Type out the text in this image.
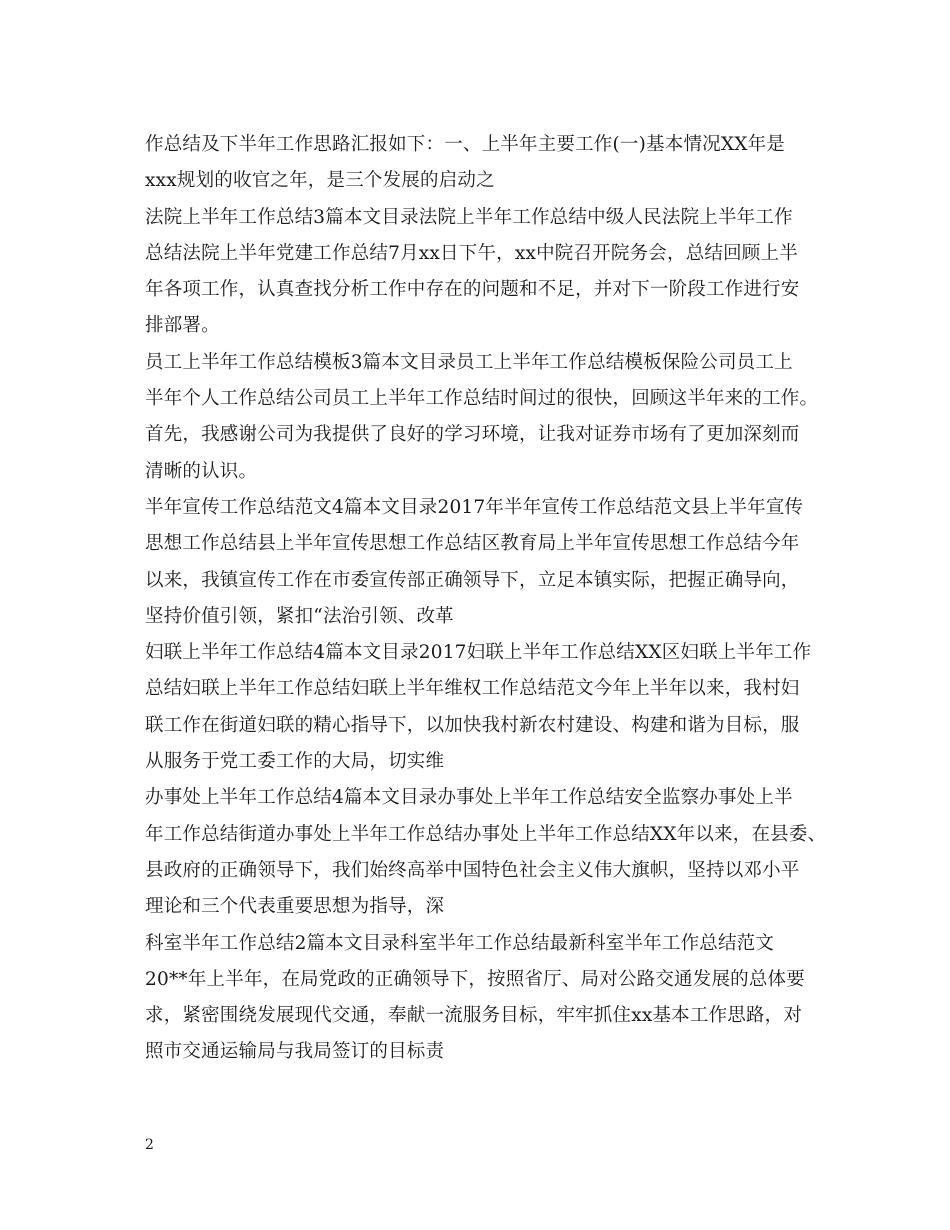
作总结及下半年工作思路汇报如下：一、上半年主要工作(一)基本情况XX年是
xxx规划的收官之年，是三个发展的启动之
法院上半年工作总结3篇本文目录法院上半年工作总结中级人民法院上半年工作
总结法院上半年党建工作总结7月xx日下午，xx中院召开院务会，总结回顾上半
年各项工作，认真查找分析工作中存在的问题和不足，并对下一阶段工作进行安
排部署。
员工上半年工作总结模板3篇本文目录员工上半年工作总结模板保险公司员工上
半年个人工作总结公司员工上半年工作总结时间过的很快，回顾这半年来的工作。
首先，我感谢公司为我提供了良好的学习环境，让我对证券市场有了更加深刻而
清晰的认识。
半年宣传工作总结范文4篇本文目录2017年半年宣传工作总结范文县上半年宣传
思想工作总结县上半年宣传思想工作总结区教育局上半年宣传思想工作总结今年
以来，我镇宣传工作在市委宣传部正确领导下，立足本镇实际，把握正确导向，
坚持价值引领，紧扣“法治引领、改革
妇联上半年工作总结4篇本文目录2017妇联上半年工作总结XX区妇联上半年工作
总结妇联上半年工作总结妇联上半年维权工作总结范文今年上半年以来，我村妇
联工作在街道妇联的精心指导下，以加快我村新农村建设、构建和谐为目标，服
从服务于党工委工作的大局，切实维
办事处上半年工作总结4篇本文目录办事处上半年工作总结安全监察办事处上半
年工作总结街道办事处上半年工作总结办事处上半年工作总结XX年以来，在县委、
县政府的正确领导下，我们始终高举中国特色社会主义伟大旗帜，坚持以邓小平
理论和三个代表重要思想为指导，深
科室半年工作总结2篇本文目录科室半年工作总结最新科室半年工作总结范文
20**年上半年，在局党政的正确领导下，按照省厅、局对公路交通发展的总体要
求，紧密围绕发展现代交通，奉献一流服务目标，牢牢抓住xx基本工作思路，对
照市交通运输局与我局签订的目标责
2
